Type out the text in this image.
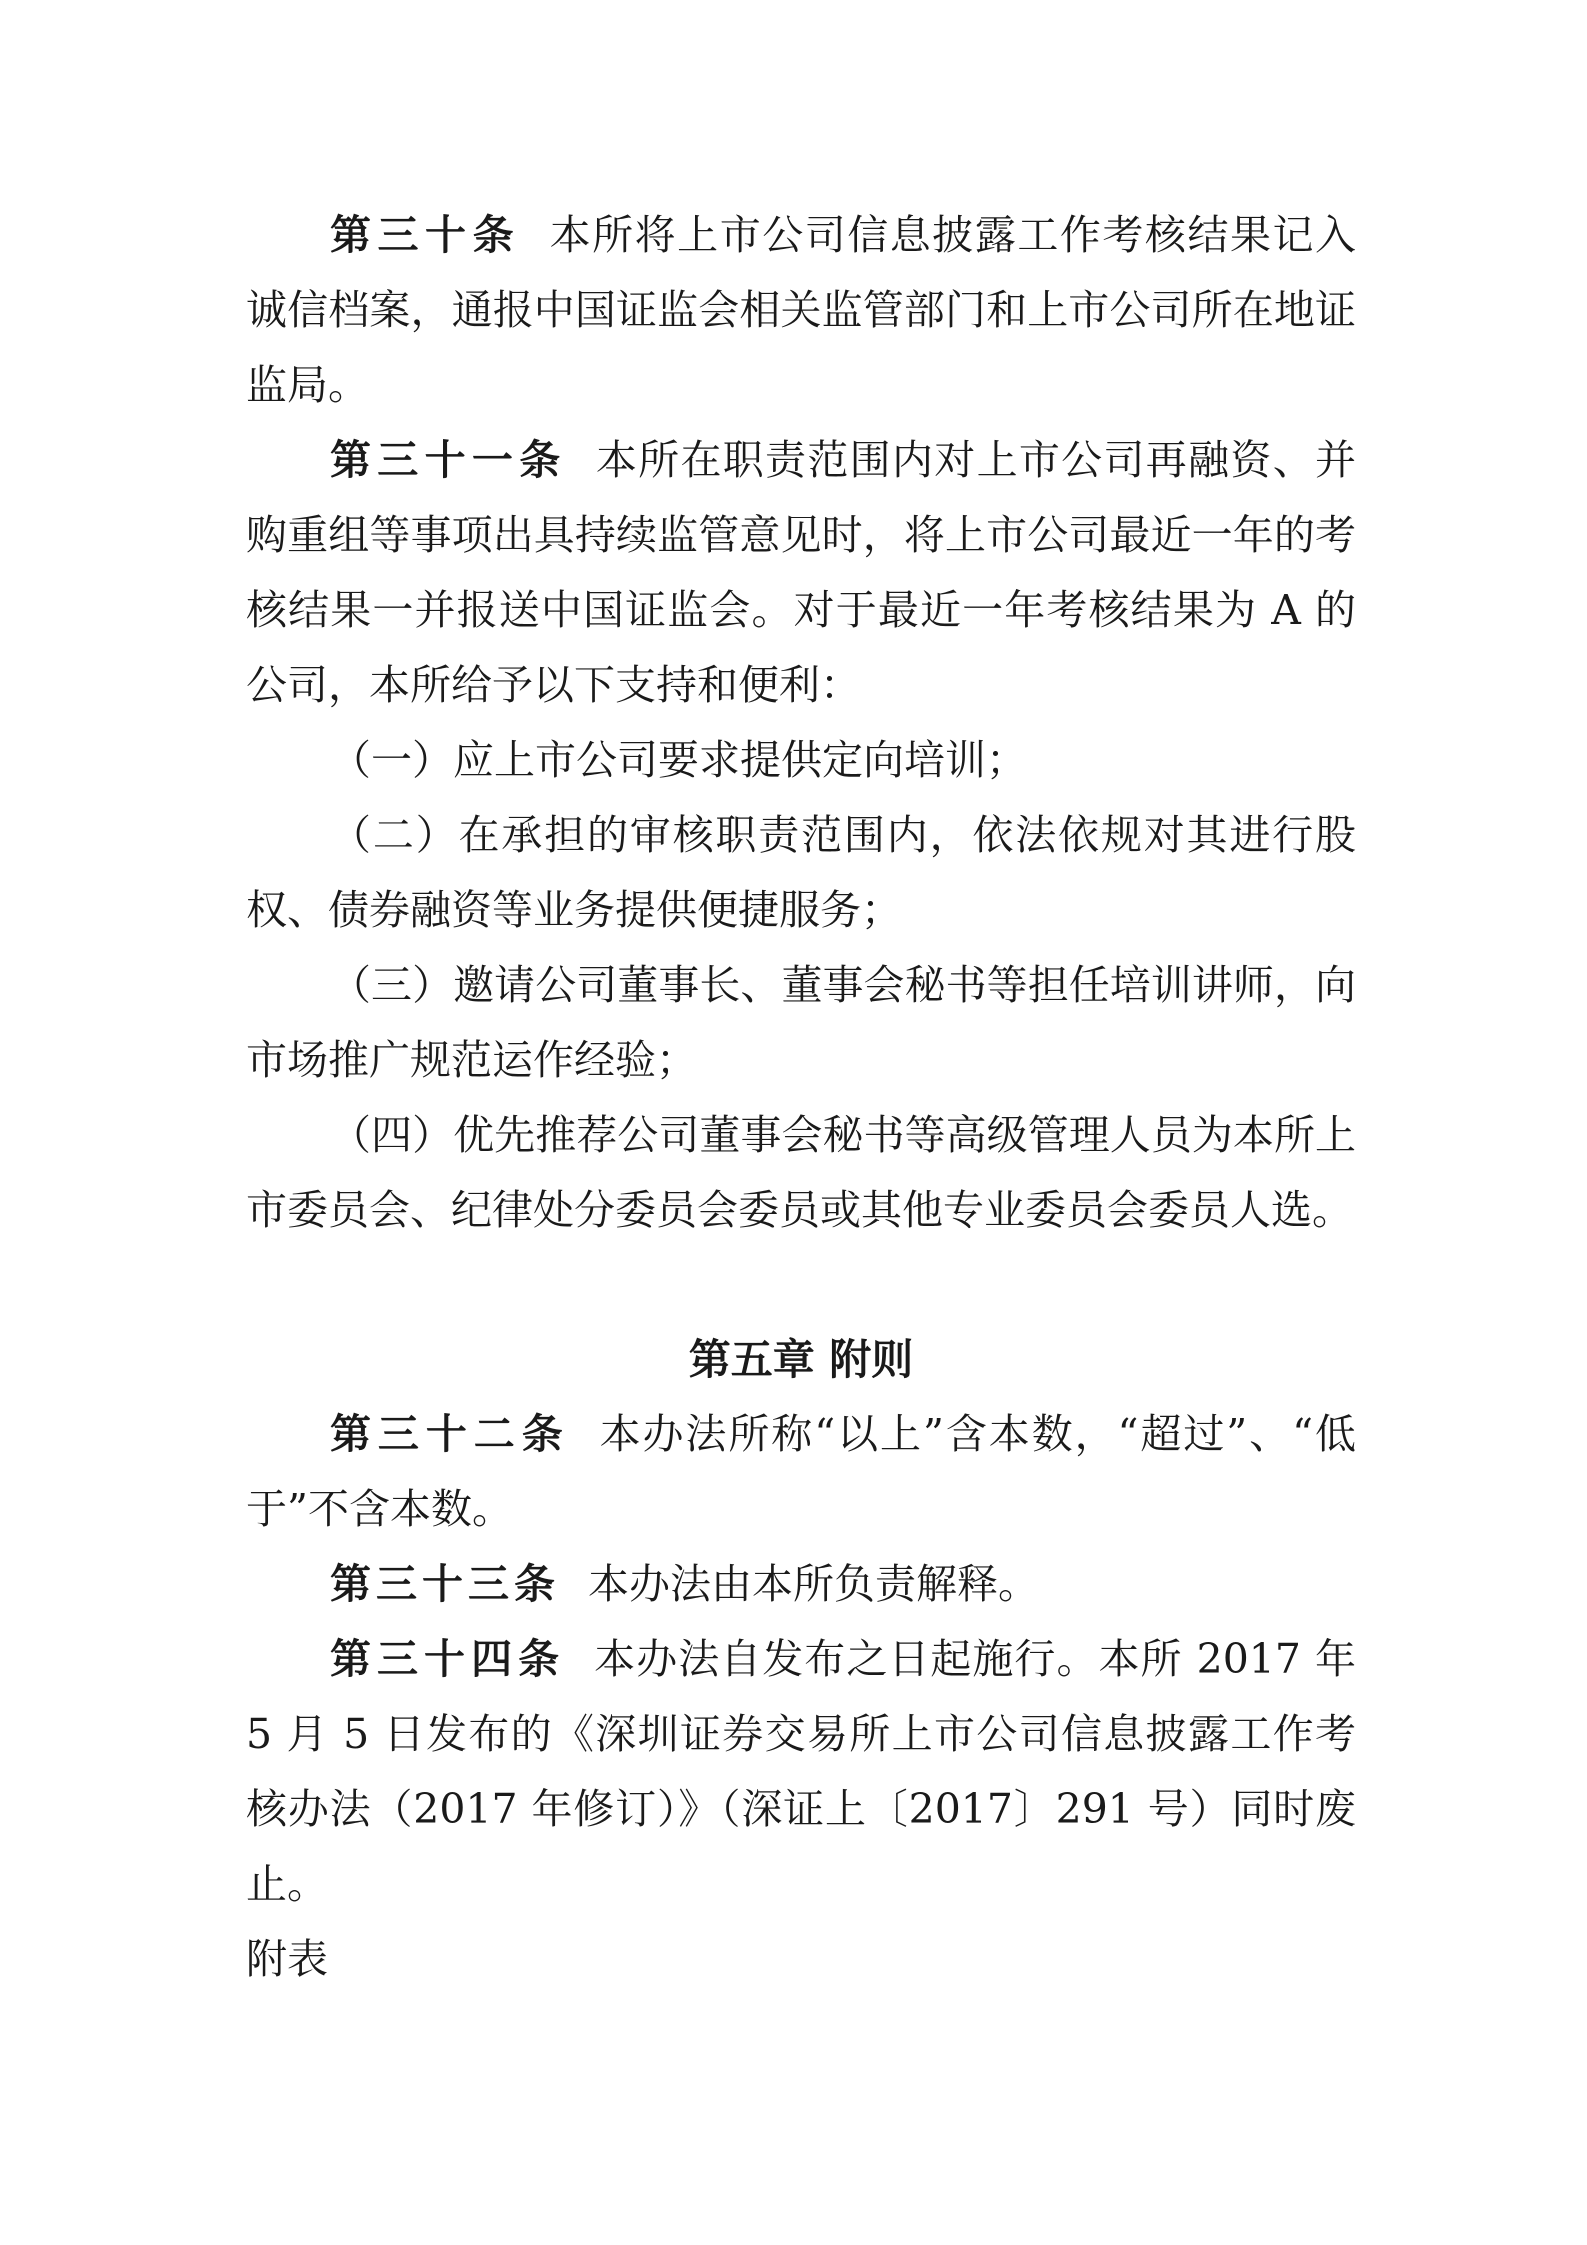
第三十条 本所将上市公司信息披露工作考核结果记入诚信档案，通报中国证监会相关监管部门和上市公司所在地证监局。

第三十一条 本所在职责范围内对上市公司再融资、并购重组等事项出具持续监管意见时，将上市公司最近一年的考核结果一并报送中国证监会。对于最近一年考核结果为 A 的公司，本所给予以下支持和便利：

（一）应上市公司要求提供定向培训；

（二）在承担的审核职责范围内，依法依规对其进行股权、债券融资等业务提供便捷服务；

（三）邀请公司董事长、董事会秘书等担任培训讲师，向市场推广规范运作经验；

（四）优先推荐公司董事会秘书等高级管理人员为本所上市委员会、纪律处分委员会委员或其他专业委员会委员人选。

第五章 附则

第三十二条 本办法所称“以上”含本数，“超过”、“低于”不含本数。

第三十三条 本办法由本所负责解释。

第三十四条 本办法自发布之日起施行。本所 2017 年 5 月 5 日发布的《深圳证券交易所上市公司信息披露工作考核办法（2017 年修订）》（深证上〔2017〕291 号）同时废止。

附表
